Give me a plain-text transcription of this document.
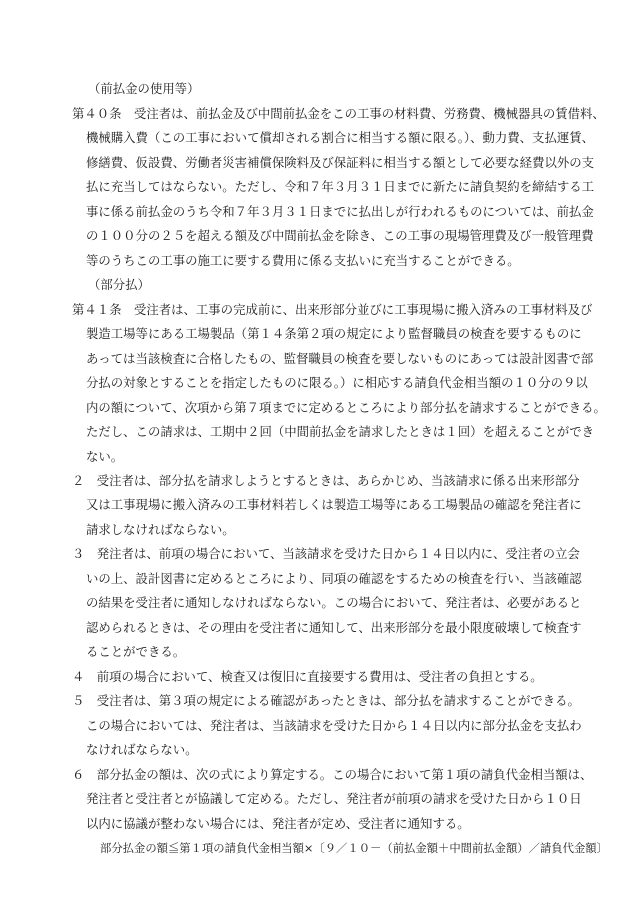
（前払金の使用等）
第４０条　受注者は、前払金及び中間前払金をこの工事の材料費、労務費、機械器具の賃借料、
機械購入費（この工事において償却される割合に相当する額に限る。）、動力費、支払運賃、
修繕費、仮設費、労働者災害補償保険料及び保証料に相当する額として必要な経費以外の支
払に充当してはならない。ただし、令和７年３月３１日までに新たに請負契約を締結する工
事に係る前払金のうち令和７年３月３１日までに払出しが行われるものについては、前払金
の１００分の２５を超える額及び中間前払金を除き、この工事の現場管理費及び一般管理費
等のうちこの工事の施工に要する費用に係る支払いに充当することができる。
（部分払）
第４１条　受注者は、工事の完成前に、出来形部分並びに工事現場に搬入済みの工事材料及び
製造工場等にある工場製品（第１４条第２項の規定により監督職員の検査を要するものに
あっては当該検査に合格したもの、監督職員の検査を要しないものにあっては設計図書で部
分払の対象とすることを指定したものに限る。）に相応する請負代金相当額の１０分の９以
内の額について、次項から第７項までに定めるところにより部分払を請求することができる。
ただし、この請求は、工期中２回（中間前払金を請求したときは１回）を超えることができ
ない。
２　受注者は、部分払を請求しようとするときは、あらかじめ、当該請求に係る出来形部分
又は工事現場に搬入済みの工事材料若しくは製造工場等にある工場製品の確認を発注者に
請求しなければならない。
３　発注者は、前項の場合において、当該請求を受けた日から１４日以内に、受注者の立会
いの上、設計図書に定めるところにより、同項の確認をするための検査を行い、当該確認
の結果を受注者に通知しなければならない。この場合において、発注者は、必要があると
認められるときは、その理由を受注者に通知して、出来形部分を最小限度破壊して検査す
ることができる。
４　前項の場合において、検査又は復旧に直接要する費用は、受注者の負担とする。
５　受注者は、第３項の規定による確認があったときは、部分払を請求することができる。
この場合においては、発注者は、当該請求を受けた日から１４日以内に部分払金を支払わ
なければならない。
６　部分払金の額は、次の式により算定する。この場合において第１項の請負代金相当額は、
発注者と受注者とが協議して定める。ただし、発注者が前項の請求を受けた日から１０日
以内に協議が整わない場合には、発注者が定め、受注者に通知する。
部分払金の額≦第１項の請負代金相当額×〔９／１０－（前払金額＋中間前払金額）／請負代金額〕
